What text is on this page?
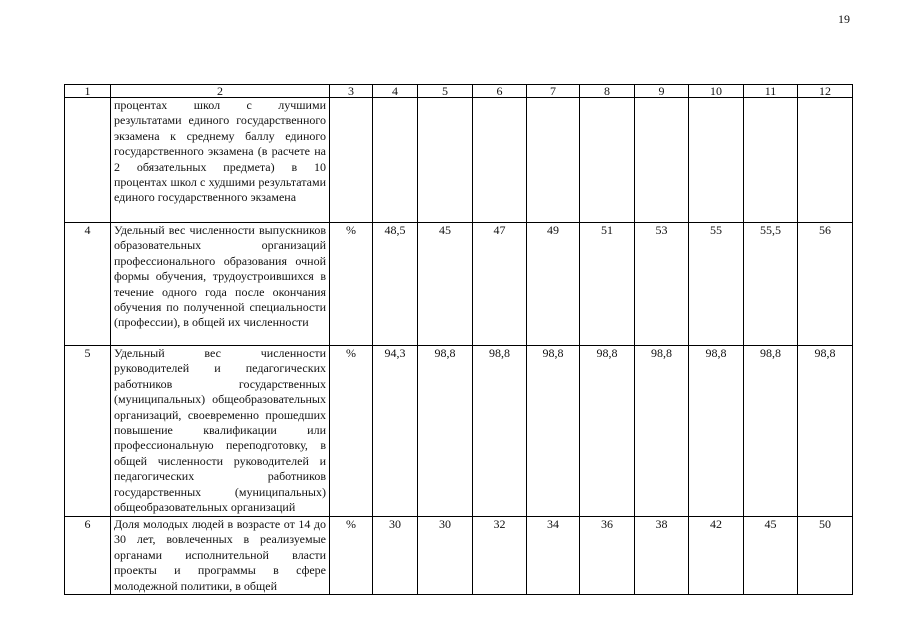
19
1	2	3	4	5	6	7	8	9	10	11	12
	процентах школ с лучшими результатами единого государственного экзамена к среднему баллу единого государственного экзамена (в расчете на 2 обязательных предмета) в 10 процентах школ с худшими результатами единого государственного экзамена										
4	Удельный вес численности выпускников образовательных организаций профессионального образования очной формы обучения, трудоустроившихся в течение одного года после окончания обучения по полученной специальности (профессии), в общей их численности	%	48,5	45	47	49	51	53	55	55,5	56
5	Удельный вес численности руководителей и педагогических работников государственных (муниципальных) общеобразовательных организаций, своевременно прошедших повышение квалификации или профессиональную переподготовку, в общей численности руководителей и педагогических работников государственных (муниципальных) общеобразовательных организаций	%	94,3	98,8	98,8	98,8	98,8	98,8	98,8	98,8	98,8
6	Доля молодых людей в возрасте от 14 до 30 лет, вовлеченных в реализуемые органами исполнительной власти проекты и программы в сфере молодежной политики, в общей	%	30	30	32	34	36	38	42	45	50
